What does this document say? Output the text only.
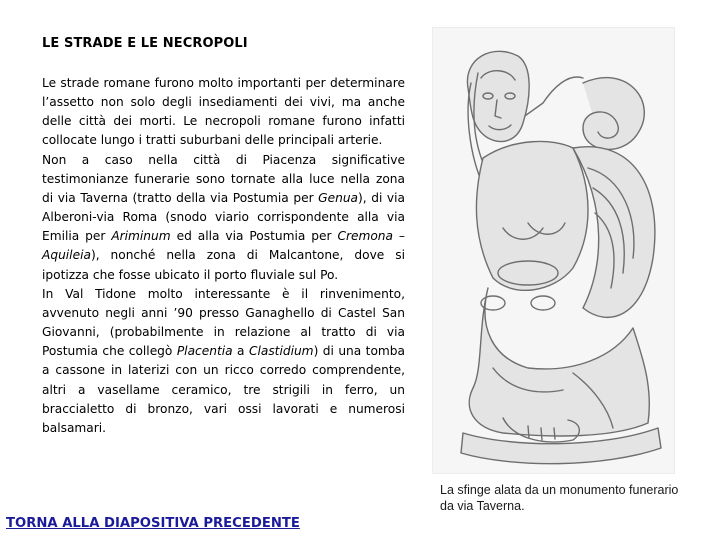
LE STRADE E LE NECROPOLI

Le strade romane furono molto importanti per determinare l’assetto non solo degli insediamenti dei vivi, ma anche delle città dei morti. Le necropoli romane furono infatti collocate lungo i tratti suburbani delle principali arterie.

Non a caso nella città di Piacenza significative testimonianze funerarie sono tornate alla luce nella zona di via Taverna (tratto della via Postumia per Genua), di via Alberoni-via Roma (snodo viario corrispondente alla via Emilia per Ariminum ed alla via Postumia per Cremona –Aquileia), nonché nella zona di Malcantone, dove si ipotizza che fosse ubicato il porto fluviale sul Po.

In Val Tidone molto interessante è il rinvenimento, avvenuto negli anni ’90 presso Ganaghello di Castel San Giovanni, (probabilmente in relazione al tratto di via Postumia che collegò Placentia a Clastidium) di una tomba a cassone in laterizi con un ricco corredo comprendente, altri a vasellame ceramico, tre strigili in ferro, un braccialetto di bronzo, vari ossi lavorati e numerosi balsamari.

La sfinge alata da un monumento funerario da via Taverna.
TORNA ALLA DIAPOSITIVA PRECEDENTE
